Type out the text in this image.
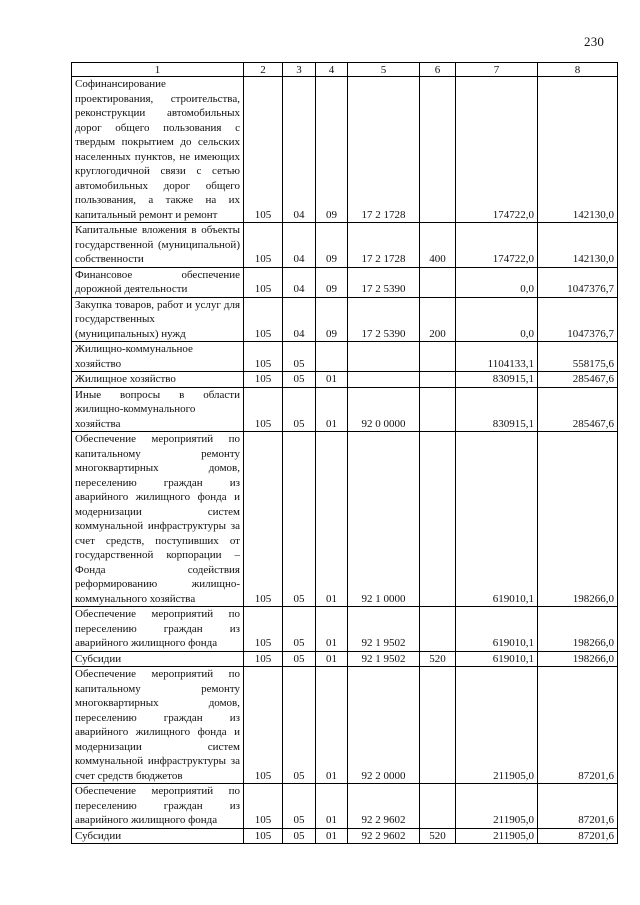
230
1	2	3	4	5	6	7	8
Софинансирование проектирования, строительства, реконструкции автомобильных дорог общего пользования с твердым покрытием до сельских населенных пунктов, не имеющих круглогодичной связи с сетью автомобильных дорог общего пользования, а также на их капитальный ремонт и ремонт	105	04	09	17 2 1728		174722,0	142130,0
Капитальные вложения в объекты государственной (муниципальной) собственности	105	04	09	17 2 1728	400	174722,0	142130,0
Финансовое обеспечение дорожной деятельности	105	04	09	17 2 5390		0,0	1047376,7
Закупка товаров, работ и услуг для государственных (муниципальных) нужд	105	04	09	17 2 5390	200	0,0	1047376,7
Жилищно-коммунальное хозяйство	105	05				1104133,1	558175,6
Жилищное хозяйство	105	05	01			830915,1	285467,6
Иные вопросы в области жилищно-коммунального хозяйства	105	05	01	92 0 0000		830915,1	285467,6
Обеспечение мероприятий по капитальному ремонту многоквартирных домов, переселению граждан из аварийного жилищного фонда и модернизации систем коммунальной инфраструктуры за счет средств, поступивших от государственной корпорации – Фонда содействия реформированию жилищно-коммунального хозяйства	105	05	01	92 1 0000		619010,1	198266,0
Обеспечение мероприятий по переселению граждан из аварийного жилищного фонда	105	05	01	92 1 9502		619010,1	198266,0
Субсидии	105	05	01	92 1 9502	520	619010,1	198266,0
Обеспечение мероприятий по капитальному ремонту многоквартирных домов, переселению граждан из аварийного жилищного фонда и модернизации систем коммунальной инфраструктуры за счет средств бюджетов	105	05	01	92 2 0000		211905,0	87201,6
Обеспечение мероприятий по переселению граждан из аварийного жилищного фонда	105	05	01	92 2 9602		211905,0	87201,6
Субсидии	105	05	01	92 2 9602	520	211905,0	87201,6
